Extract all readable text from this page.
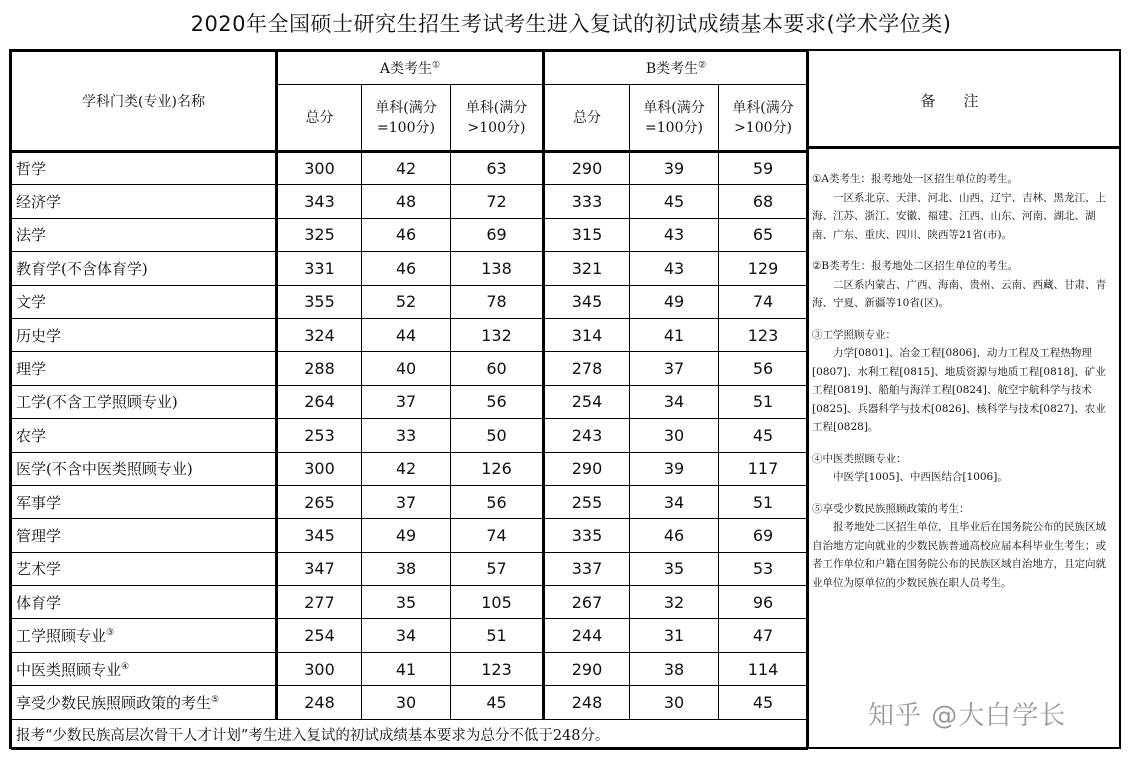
2020年全国硕士研究生招生考试考生进入复试的初试成绩基本要求(学术学位类)
学科门类(专业)名称	A类考生①			B类考生②
	总分	单科(满分=100分)	单科(满分>100分)	总分	单科(满分=100分)	单科(满分>100分)
哲学	300	42	63	290	39	59
经济学	343	48	72	333	45	68
法学	325	46	69	315	43	65
教育学(不含体育学)	331	46	138	321	43	129
文学	355	52	78	345	49	74
历史学	324	44	132	314	41	123
理学	288	40	60	278	37	56
工学(不含工学照顾专业)	264	37	56	254	34	51
农学	253	33	50	243	30	45
医学(不含中医类照顾专业)	300	42	126	290	39	117
军事学	265	37	56	255	34	51
管理学	345	49	74	335	46	69
艺术学	347	38	57	337	35	53
体育学	277	35	105	267	32	96
工学照顾专业③	254	34	51	244	31	47
中医类照顾专业④	300	41	123	290	38	114
享受少数民族照顾政策的考生⑤	248	30	45	248	30	45
报考“少数民族高层次骨干人才计划”考生进入复试的初试成绩基本要求为总分不低于248分。						
备注

①A类考生：报考地处一区招生单位的考生。

一区系北京、天津、河北、山西、辽宁、吉林、黑龙江、上海、江苏、浙江、安徽、福建、江西、山东、河南、湖北、湖南、广东、重庆、四川、陕西等21省(市)。

②B类考生：报考地处二区招生单位的考生。

二区系内蒙古、广西、海南、贵州、云南、西藏、甘肃、青海、宁夏、新疆等10省(区)。

③工学照顾专业：

力学[0801]、冶金工程[0806]、动力工程及工程热物理[0807]、水利工程[0815]、地质资源与地质工程[0818]、矿业工程[0819]、船舶与海洋工程[0824]、航空宇航科学与技术[0825]、兵器科学与技术[0826]、核科学与技术[0827]、农业工程[0828]。

④中医类照顾专业：

中医学[1005]、中西医结合[1006]。

⑤享受少数民族照顾政策的考生：

报考地处二区招生单位，且毕业后在国务院公布的民族区域自治地方定向就业的少数民族普通高校应届本科毕业生考生；或者工作单位和户籍在国务院公布的民族区域自治地方，且定向就业单位为原单位的少数民族在职人员考生。

知乎 @大白学长
